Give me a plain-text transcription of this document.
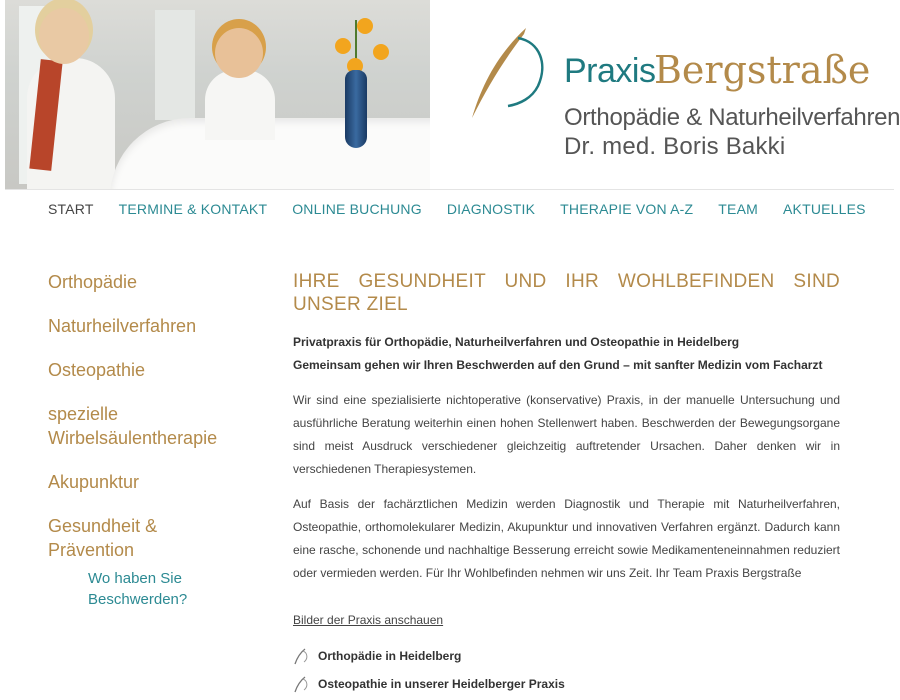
Praxis
Bergstraße
Orthopädie & Naturheilverfahren
Dr. med. Boris Bakki
START TERMINE & KONTAKT ONLINE BUCHUNG DIAGNOSTIK THERAPIE VON A-Z TEAM AKTUELLES
Orthopädie
Naturheilverfahren
Osteopathie
spezielle Wirbelsäulentherapie
Akupunktur
Gesundheit & Prävention
Wo haben Sie Beschwerden?
IHRE GESUNDHEIT UND IHR WOHLBEFINDEN SIND UNSER ZIEL
Privatpraxis für Orthopädie, Naturheilverfahren und Osteopathie in Heidelberg
Gemeinsam gehen wir Ihren Beschwerden auf den Grund – mit sanfter Medizin vom Facharzt

Wir sind eine spezialisierte nichtoperative (konservative) Praxis, in der manuelle Untersuchung und ausführliche Beratung weiterhin einen hohen Stellenwert haben. Beschwerden der Bewegungsorgane sind meist Ausdruck verschiedener gleichzeitig auftretender Ursachen. Daher denken wir in verschiedenen Therapiesystemen.

Auf Basis der fachärztlichen Medizin werden Diagnostik und Therapie mit Naturheilverfahren, Osteopathie, orthomolekularer Medizin, Akupunktur und innovativen Verfahren ergänzt. Dadurch kann eine rasche, schonende und nachhaltige Besserung erreicht sowie Medikamenteneinnahmen reduziert oder vermieden werden. Für Ihr Wohlbefinden nehmen wir uns Zeit. Ihr Team Praxis Bergstraße

Bilder der Praxis anschauen
Orthopädie in Heidelberg
Osteopathie in unserer Heidelberger Praxis
